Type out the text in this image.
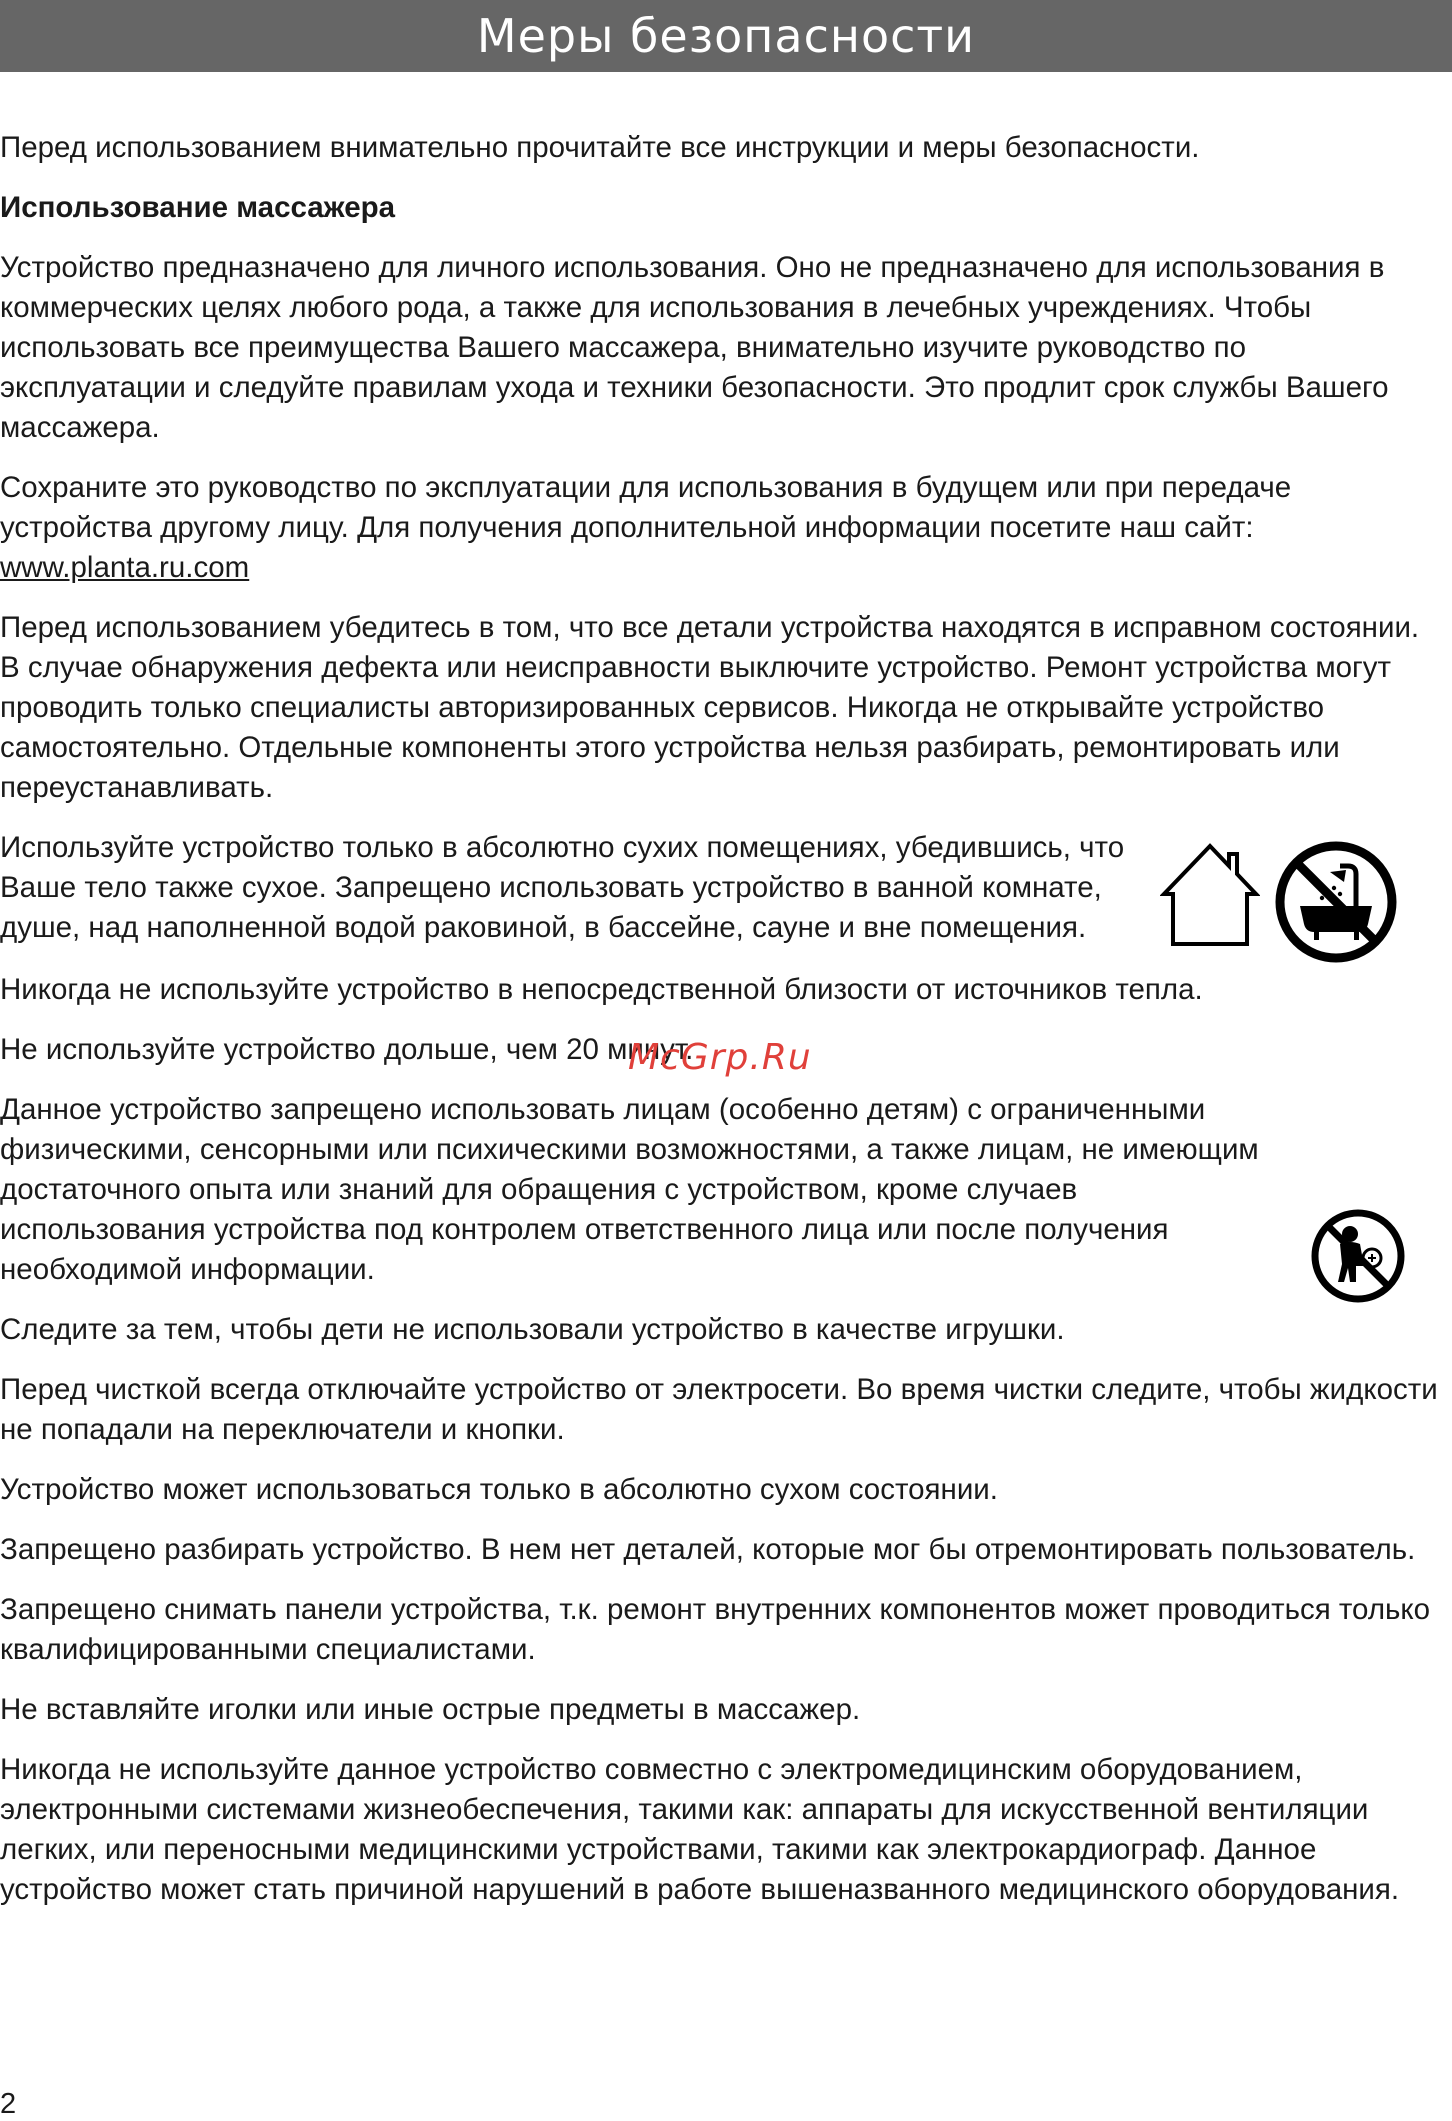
Меры безопасности

Перед использованием внимательно прочитайте все инструкции и меры безопасности.

Использование массажера

Устройство предназначено для личного использования. Оно не предназначено для использования в коммерческих целях любого рода, а также для использования в лечебных учреждениях. Чтобы использовать все преимущества Вашего массажера, внимательно изучите руководство по эксплуатации и следуйте правилам ухода и техники безопасности. Это продлит срок службы Вашего массажера.

Сохраните это руководство по эксплуатации для использования в будущем или при передаче устройства другому лицу. Для получения дополнительной информации посетите наш сайт: www.planta.ru.com

Перед использованием убедитесь в том, что все детали устройства находятся в исправном состоянии. В случае обнаружения дефекта или неисправности выключите устройство. Ремонт устройства могут проводить только специалисты авторизированных сервисов. Никогда не открывайте устройство самостоятельно. Отдельные компоненты этого устройства нельзя разбирать, ремонтировать или переустанавливать.

Используйте устройство только в абсолютно сухих помещениях, убедившись, что Ваше тело также сухое. Запрещено использовать устройство в ванной комнате, душе, над наполненной водой раковиной, в бассейне, сауне и вне помещения.

Никогда не используйте устройство в непосредственной близости от источников тепла.

Не используйте устройство дольше, чем 20 минут.

Данное устройство запрещено использовать лицам (особенно детям) с ограниченными физическими, сенсорными или психическими возможностями, а также лицам, не имеющим достаточного опыта или знаний для обращения с устройством, кроме случаев использования устройства под контролем ответственного лица или после получения необходимой информации.

Следите за тем, чтобы дети не использовали устройство в качестве игрушки.

Перед чисткой всегда отключайте устройство от электросети. Во время чистки следите, чтобы жидкости не попадали на переключатели и кнопки.

Устройство может использоваться только в абсолютно сухом состоянии.

Запрещено разбирать устройство. В нем нет деталей, которые мог бы отремонтировать пользователь.

Запрещено снимать панели устройства, т.к. ремонт внутренних компонентов может проводиться только квалифицированными специалистами.

Не вставляйте иголки или иные острые предметы в массажер.

Никогда не используйте данное устройство совместно с электромедицинским оборудованием, электронными системами жизнеобеспечения, такими как: аппараты для искусственной вентиляции легких, или переносными медицинскими устройствами, такими как электрокардиограф. Данное устройство может стать причиной нарушений в работе вышеназванного медицинского оборудования.

McGrp.Ru
2
